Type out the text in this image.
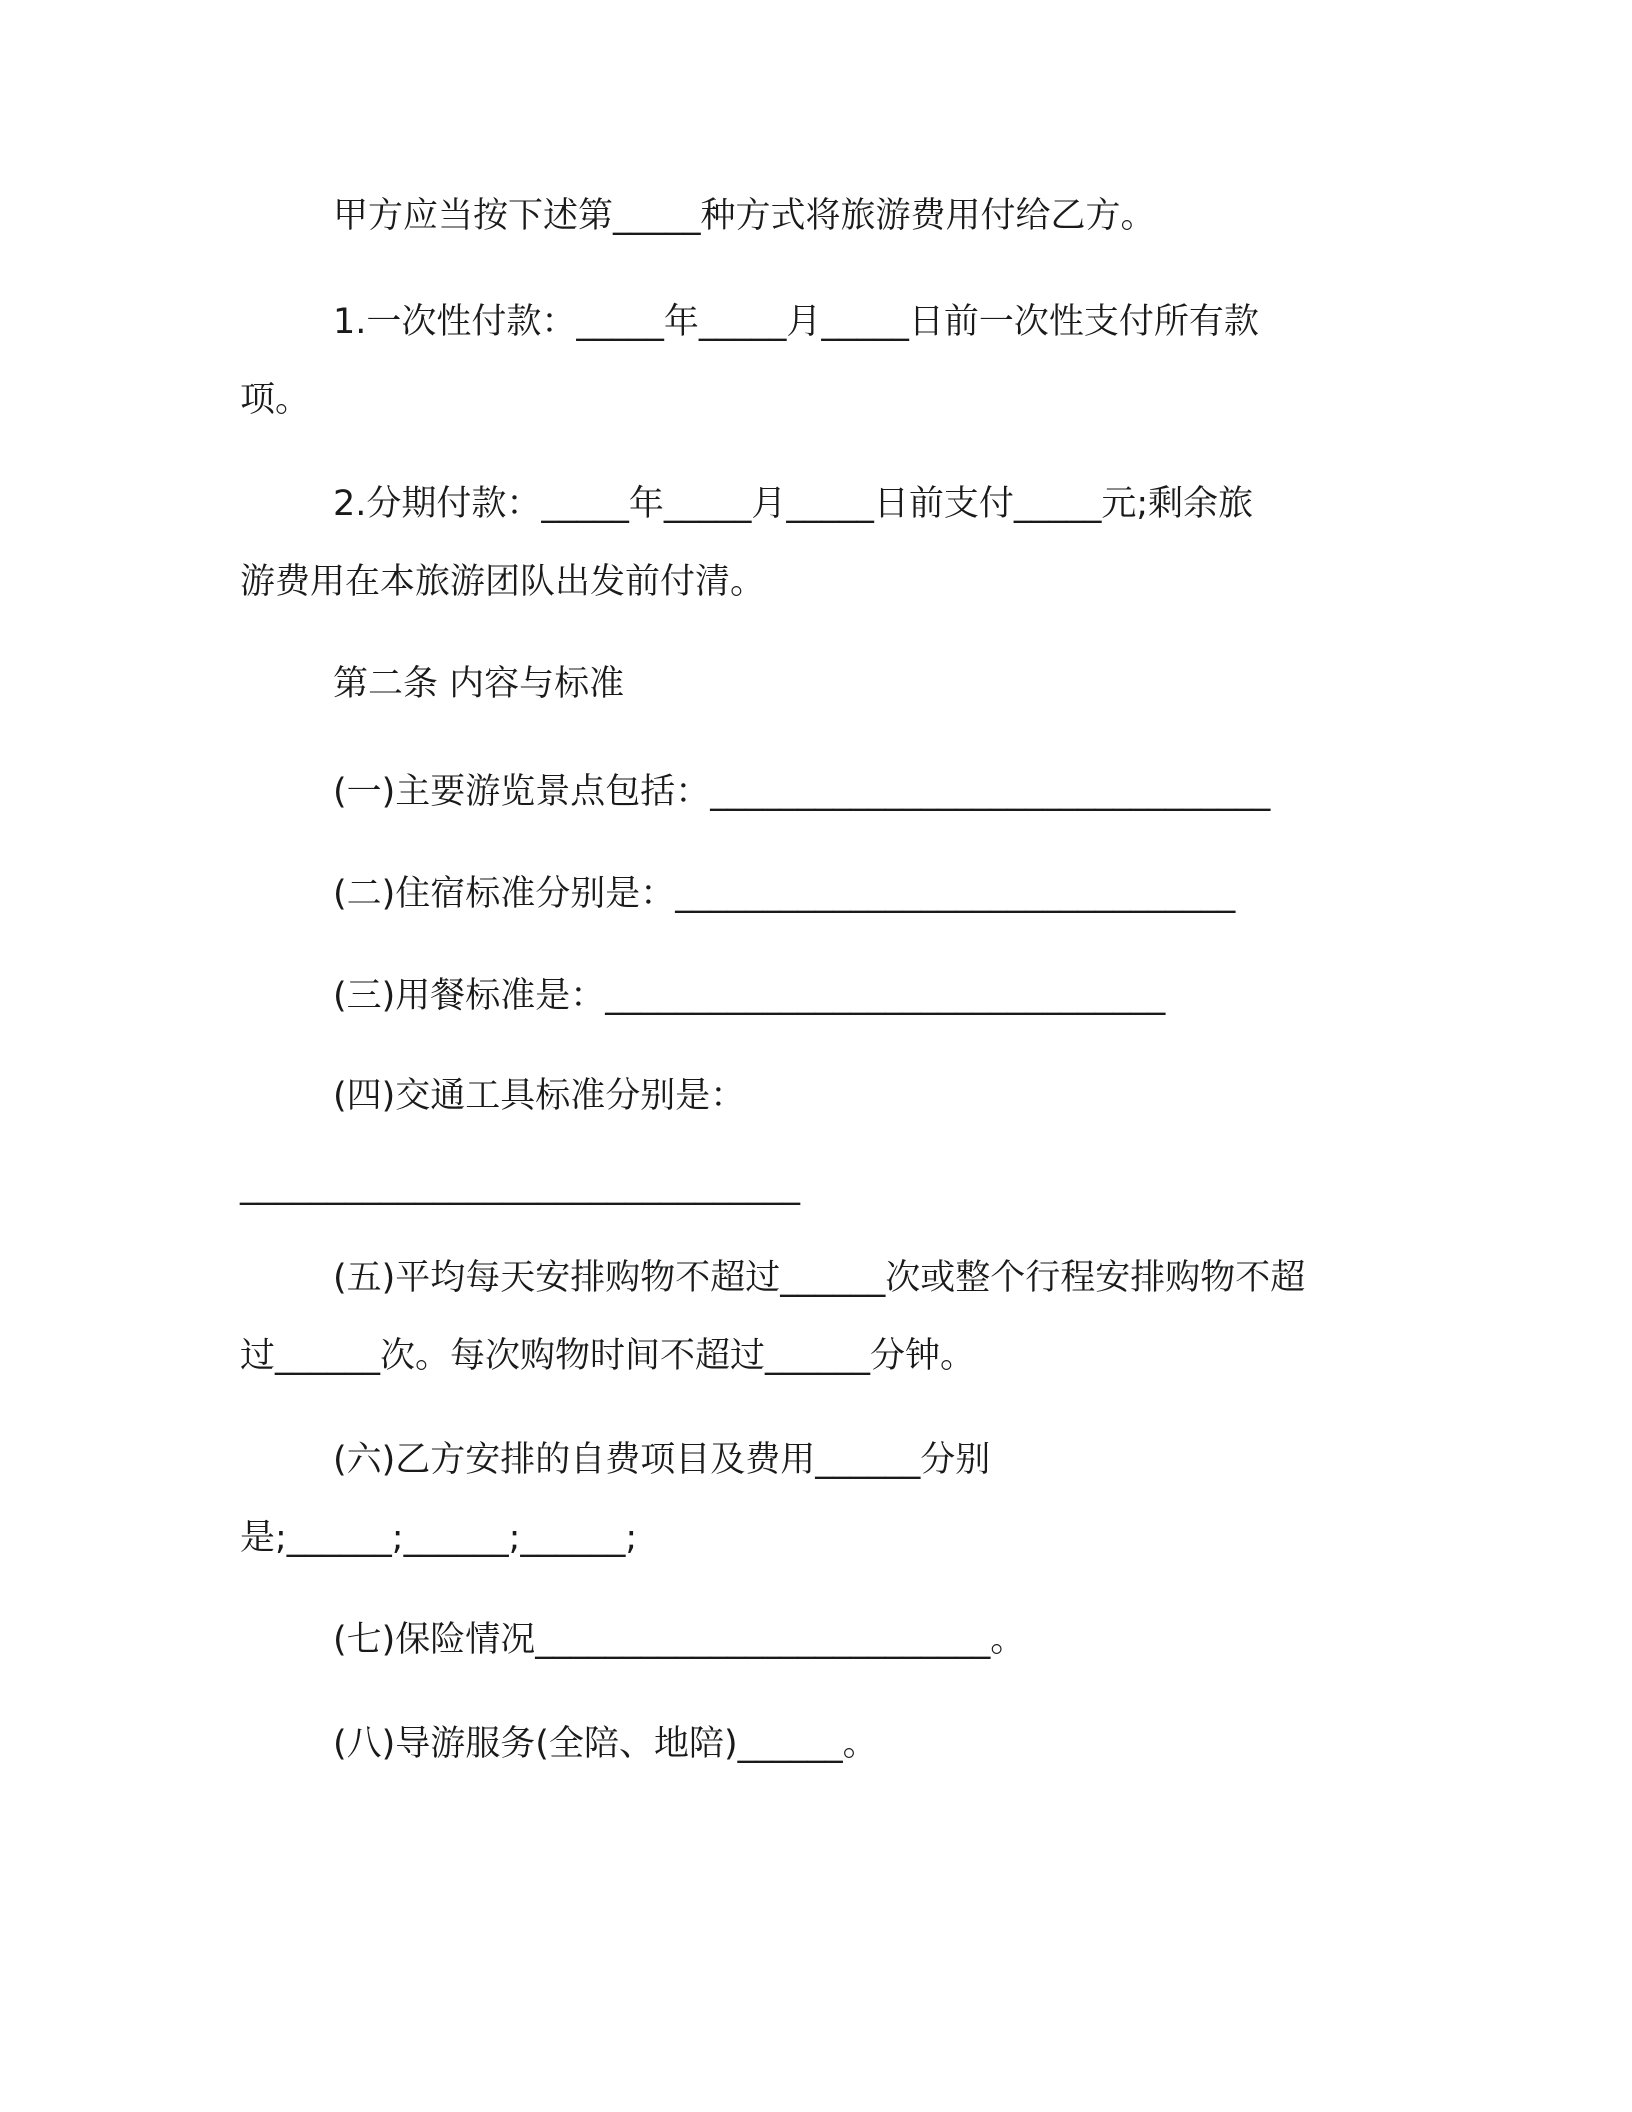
甲方应当按下述第_____种方式将旅游费用付给乙方。
1.一次性付款：_____年_____月_____日前一次性支付所有款
项。
2.分期付款：_____年_____月_____日前支付_____元;剩余旅
游费用在本旅游团队出发前付清。
第二条 内容与标准
(一)主要游览景点包括：________________________________
(二)住宿标准分别是：________________________________
(三)用餐标准是：________________________________
(四)交通工具标准分别是：
________________________________
(五)平均每天安排购物不超过______次或整个行程安排购物不超
过______次。每次购物时间不超过______分钟。
(六)乙方安排的自费项目及费用______分别
是;______;______;______;
(七)保险情况__________________________。
(八)导游服务(全陪、地陪)______。
